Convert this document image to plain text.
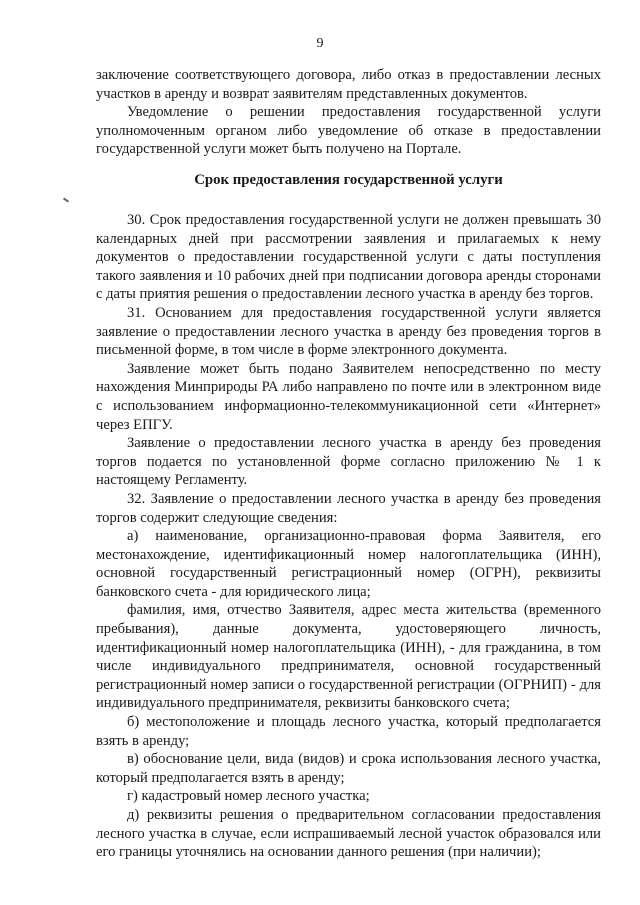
9

заключение соответствующего договора, либо отказ в предоставлении лесных участков в аренду и возврат заявителям представленных документов.

Уведомление о решении предоставления государственной услуги уполномоченным органом либо уведомление об отказе в предоставлении государственной услуги может быть получено на Портале.

Срок предоставления государственной услуги

30. Срок предоставления государственной услуги не должен превышать 30 календарных дней при рассмотрении заявления и прилагаемых к нему документов о предоставлении государственной услуги с даты поступления такого заявления и 10 рабочих дней при подписании договора аренды сторонами с даты приятия решения о предоставлении лесного участка в аренду без торгов.

31. Основанием для предоставления государственной услуги является заявление о предоставлении лесного участка в аренду без проведения торгов в письменной форме, в том числе в форме электронного документа.

Заявление может быть подано Заявителем непосредственно по месту нахождения Минприроды РА либо направлено по почте или в электронном виде с использованием информационно-телекоммуникационной сети «Интернет» через ЕПГУ.

Заявление о предоставлении лесного участка в аренду без проведения торгов подается по установленной форме согласно приложению № 1 к настоящему Регламенту.

32. Заявление о предоставлении лесного участка в аренду без проведения торгов содержит следующие сведения:

а) наименование, организационно-правовая форма Заявителя, его местонахождение, идентификационный номер налогоплательщика (ИНН), основной государственный регистрационный номер (ОГРН), реквизиты банковского счета - для юридического лица;

фамилия, имя, отчество Заявителя, адрес места жительства (временного пребывания), данные документа, удостоверяющего личность, идентификационный номер налогоплательщика (ИНН), - для гражданина, в том числе индивидуального предпринимателя, основной государственный регистрационный номер записи о государственной регистрации (ОГРНИП) - для индивидуального предпринимателя, реквизиты банковского счета;

б) местоположение и площадь лесного участка, который предполагается взять в аренду;

в) обоснование цели, вида (видов) и срока использования лесного участка, который предполагается взять в аренду;

г) кадастровый номер лесного участка;

д) реквизиты решения о предварительном согласовании предоставления лесного участка в случае, если испрашиваемый лесной участок образовался или его границы уточнялись на основании данного решения (при наличии);
